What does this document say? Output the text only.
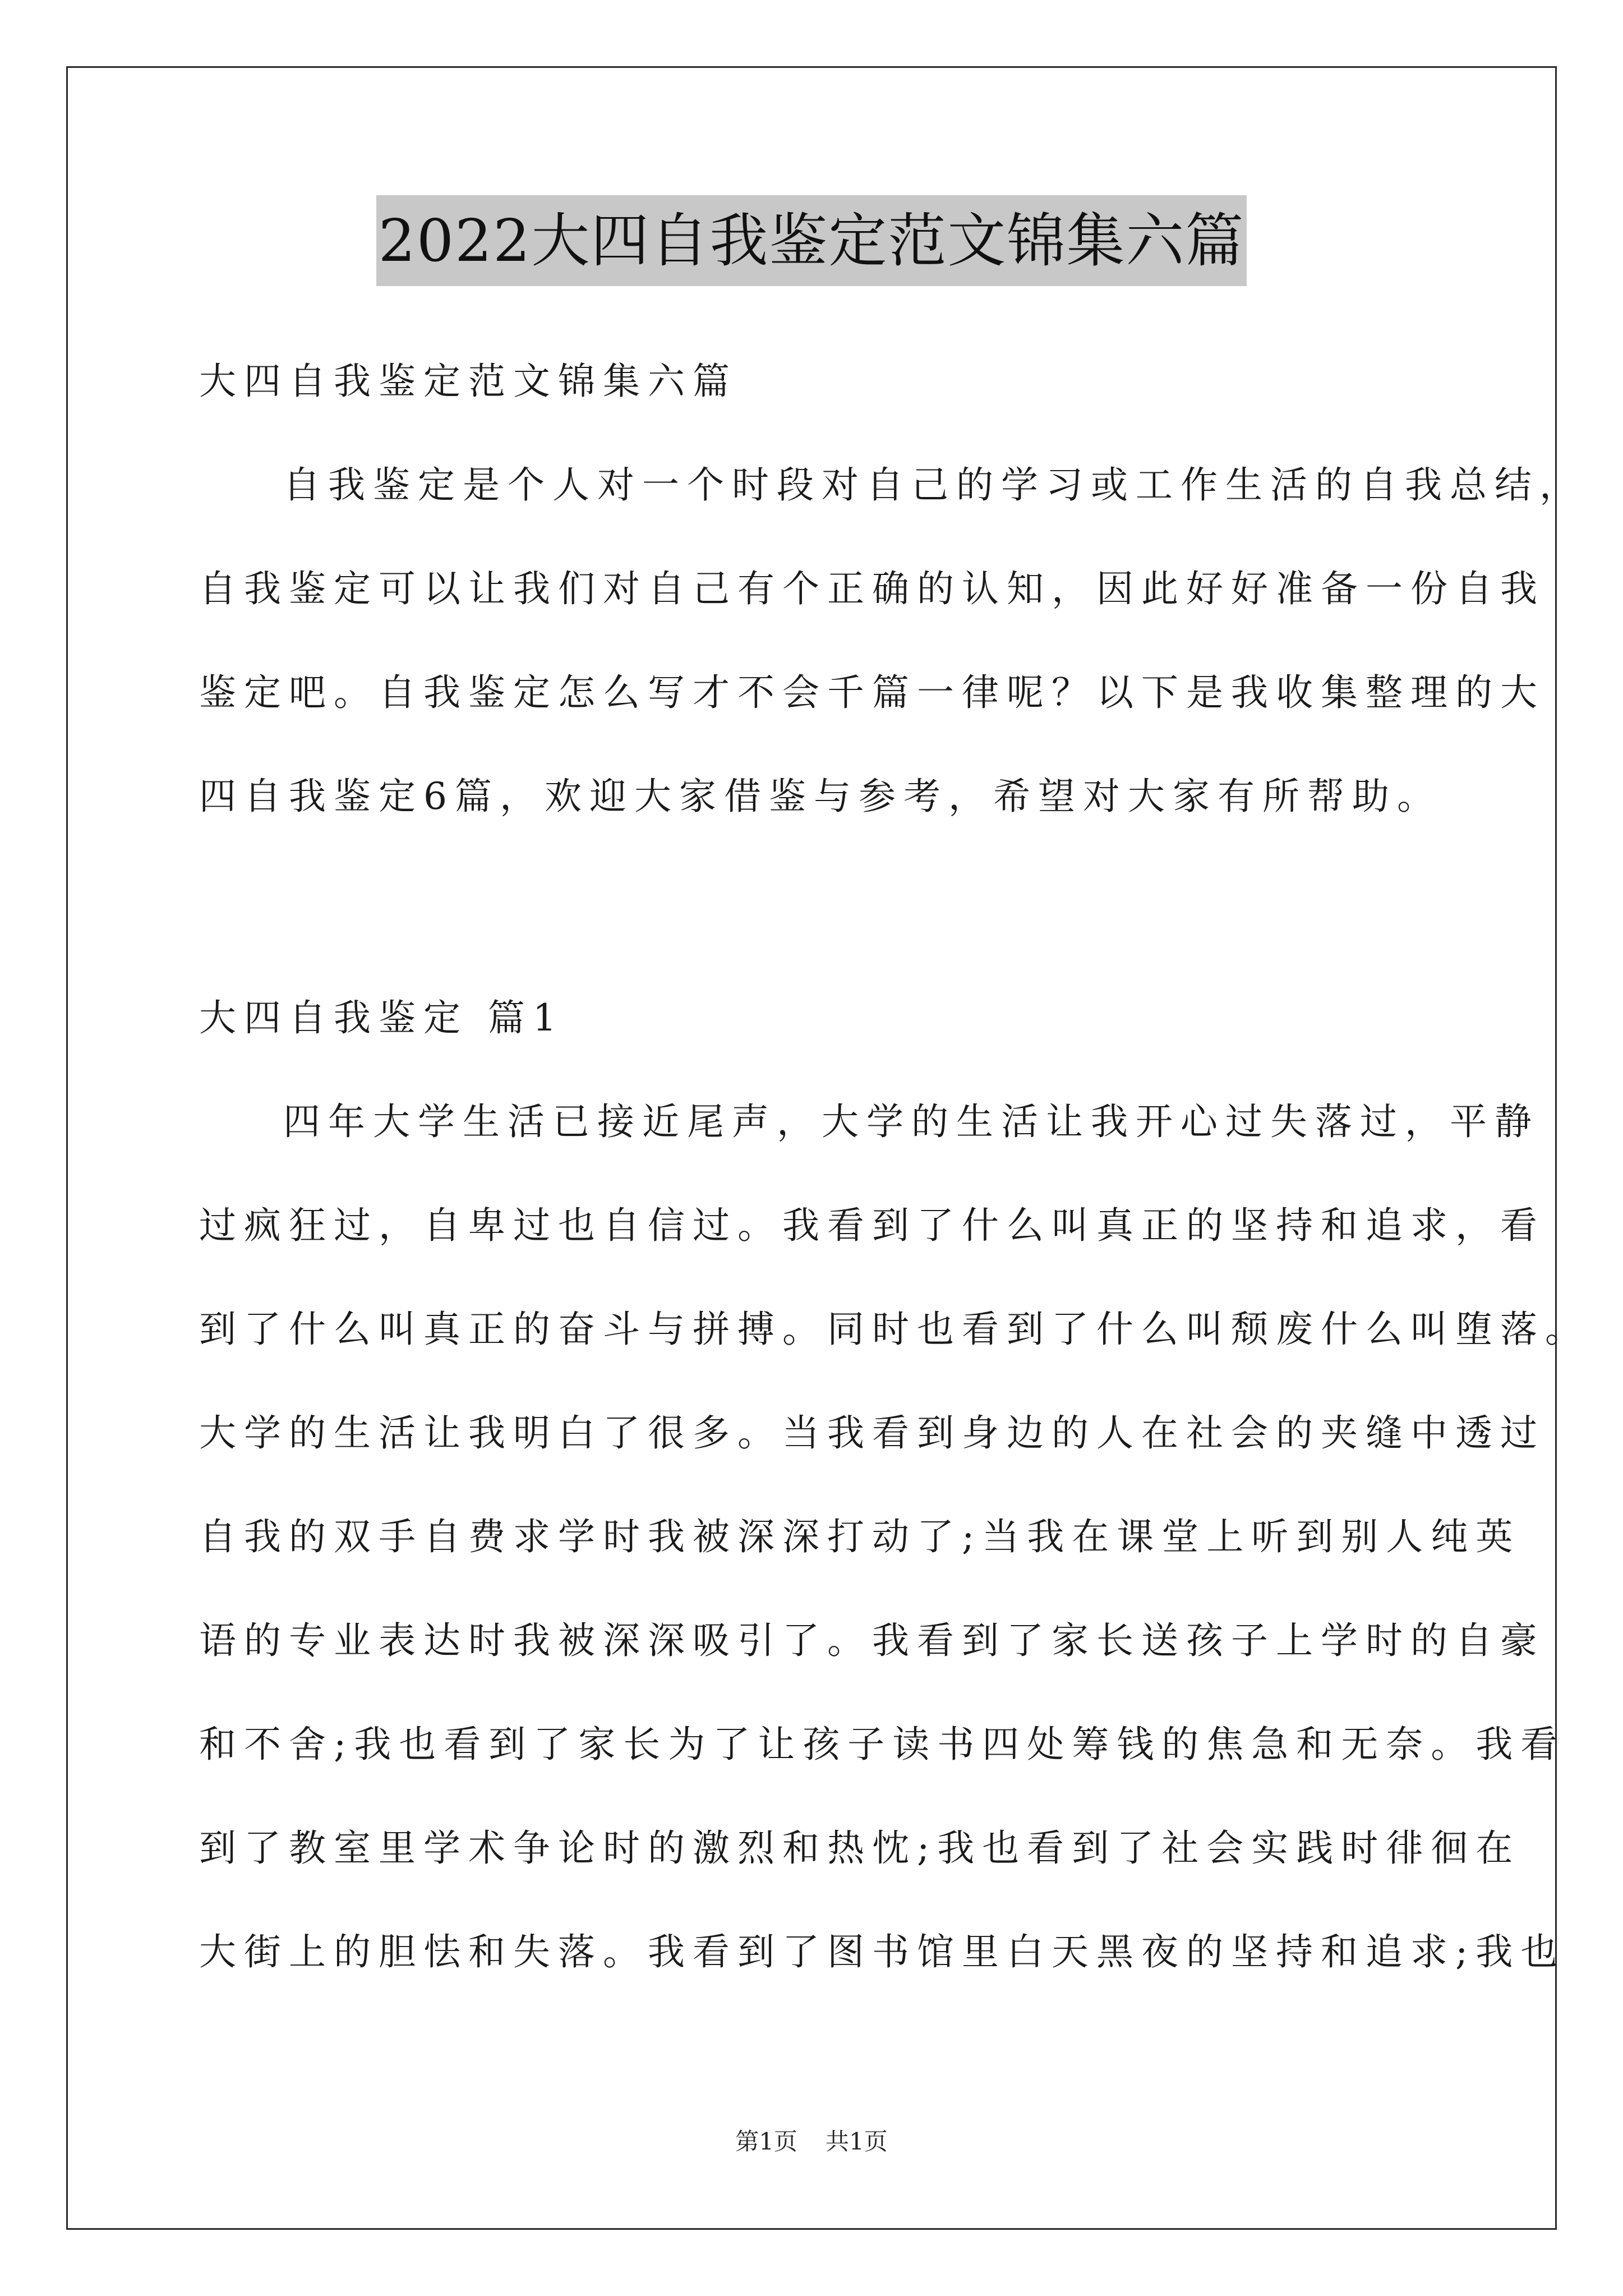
2022大四自我鉴定范文锦集六篇
大四自我鉴定范文锦集六篇
自我鉴定是个人对一个时段对自己的学习或工作生活的自我总结，
自我鉴定可以让我们对自己有个正确的认知，因此好好准备一份自我
鉴定吧。自我鉴定怎么写才不会千篇一律呢？以下是我收集整理的大
四自我鉴定6篇，欢迎大家借鉴与参考，希望对大家有所帮助。
大四自我鉴定 篇1
四年大学生活已接近尾声，大学的生活让我开心过失落过，平静
过疯狂过，自卑过也自信过。我看到了什么叫真正的坚持和追求，看
到了什么叫真正的奋斗与拼搏。同时也看到了什么叫颓废什么叫堕落。
大学的生活让我明白了很多。当我看到身边的人在社会的夹缝中透过
自我的双手自费求学时我被深深打动了;当我在课堂上听到别人纯英
语的专业表达时我被深深吸引了。我看到了家长送孩子上学时的自豪
和不舍;我也看到了家长为了让孩子读书四处筹钱的焦急和无奈。我看
到了教室里学术争论时的激烈和热忱;我也看到了社会实践时徘徊在
大街上的胆怯和失落。我看到了图书馆里白天黑夜的坚持和追求;我也
第1页 共1页
